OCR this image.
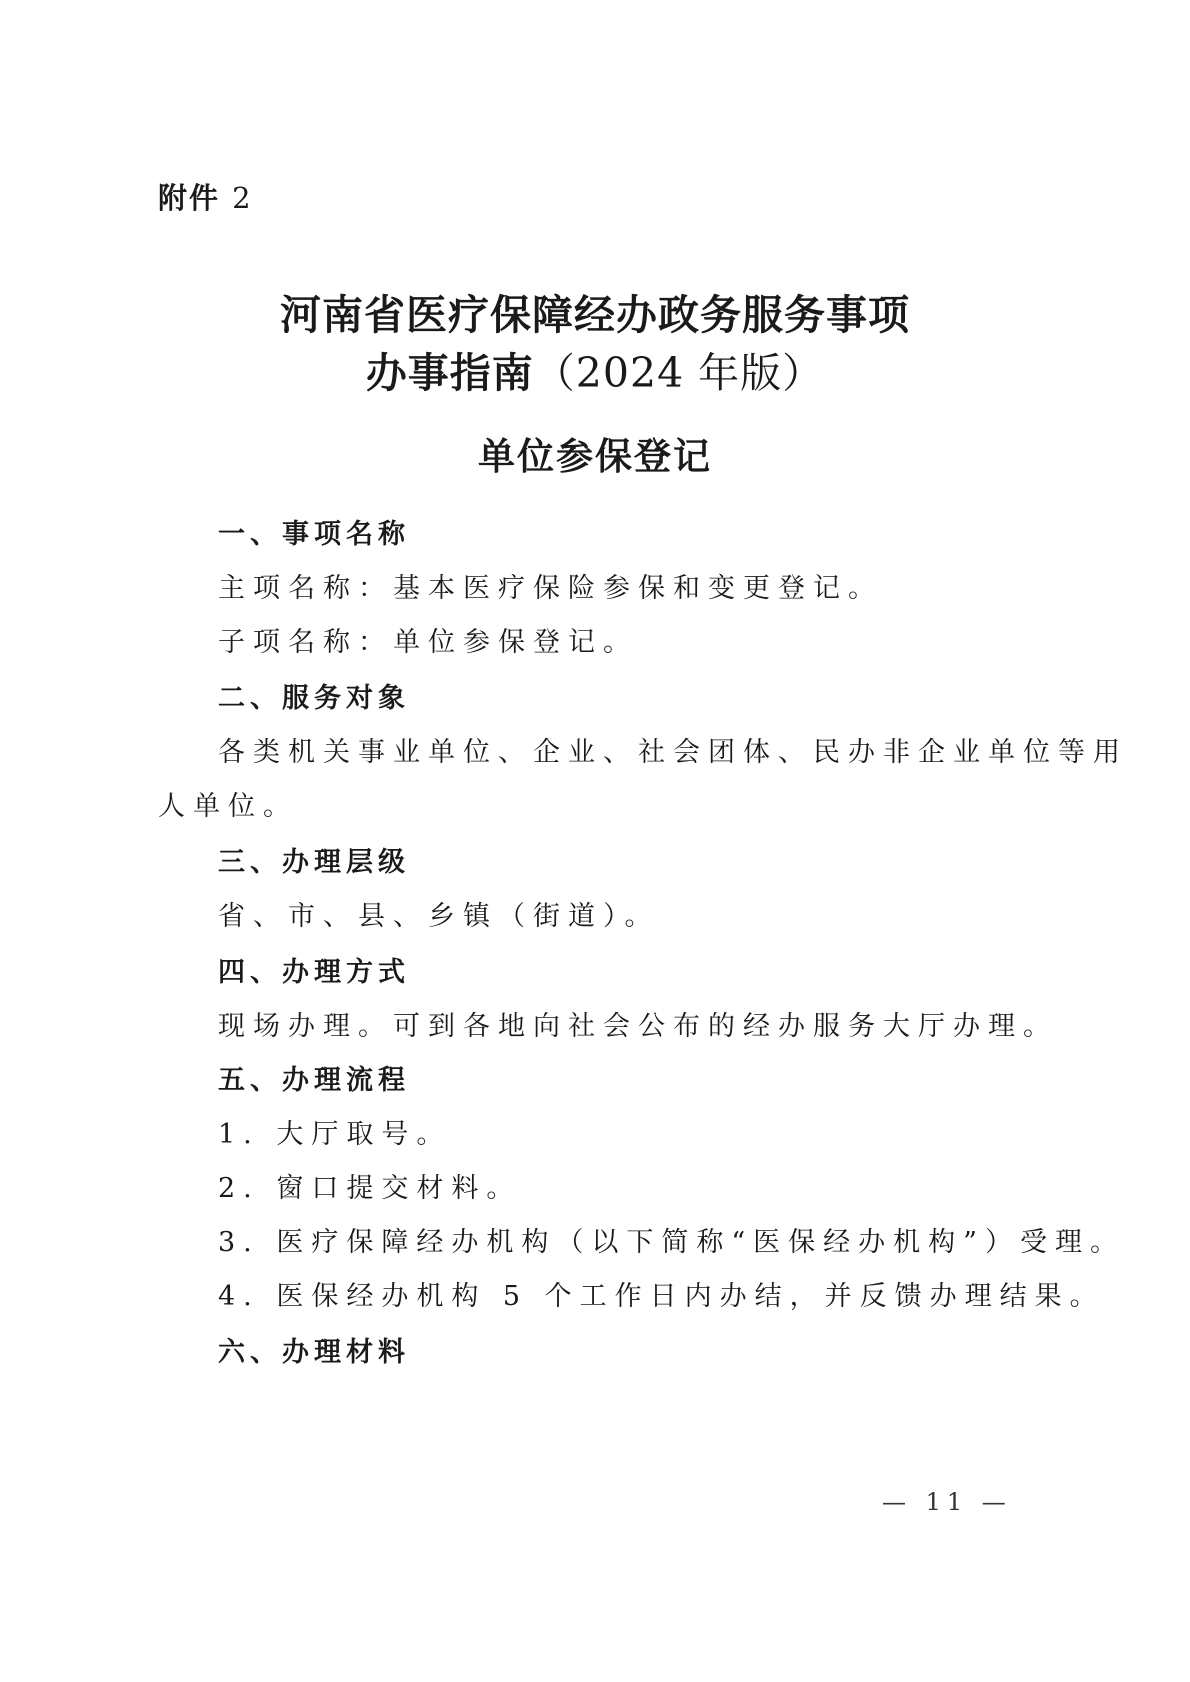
附件 2
河南省医疗保障经办政务服务事项
办事指南（2024 年版）
单位参保登记
一、事项名称
主项名称：基本医疗保险参保和变更登记。
子项名称：单位参保登记。
二、服务对象
各类机关事业单位、企业、社会团体、民办非企业单位等用
人单位。
三、办理层级
省、市、县、乡镇（街道）。
四、办理方式
现场办理。可到各地向社会公布的经办服务大厅办理。
五、办理流程
1. 大厅取号。
2. 窗口提交材料。
3. 医疗保障经办机构（以下简称“医保经办机构”）受理。
4. 医保经办机构 5 个工作日内办结，并反馈办理结果。
六、办理材料
— 11 —
